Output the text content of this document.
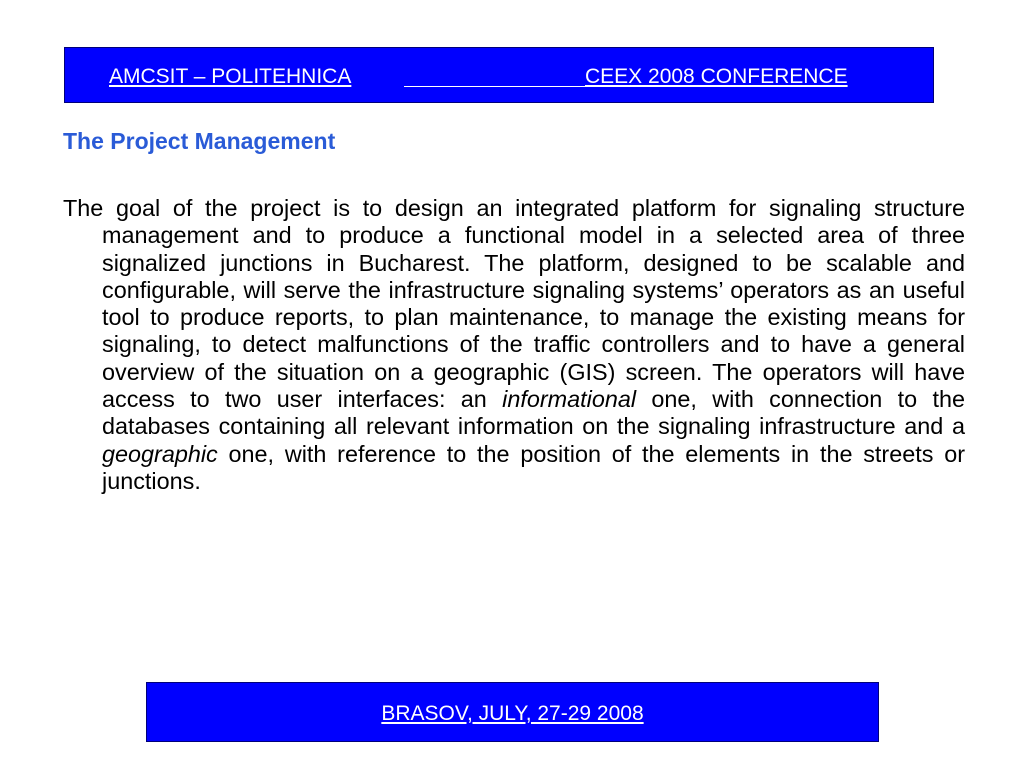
AMCSIT – POLITEHNICA	CEEX 2008 CONFERENCE
The Project Management

The goal of the project is to design an integrated platform for signaling structure management and to produce a functional model in a selected area of three signalized junctions in Bucharest. The platform, designed to be scalable and configurable, will serve the infrastructure signaling systems’ operators as an useful tool to produce reports, to plan maintenance, to manage the existing means for signaling, to detect malfunctions of the traffic controllers and to have a general overview of the situation on a geographic (GIS) screen. The operators will have access to two user interfaces: an informational one, with connection to the databases containing all relevant information on the signaling infrastructure and a geographic one, with reference to the position of the elements in the streets or junctions.

BRASOV, JULY, 27-29 2008
